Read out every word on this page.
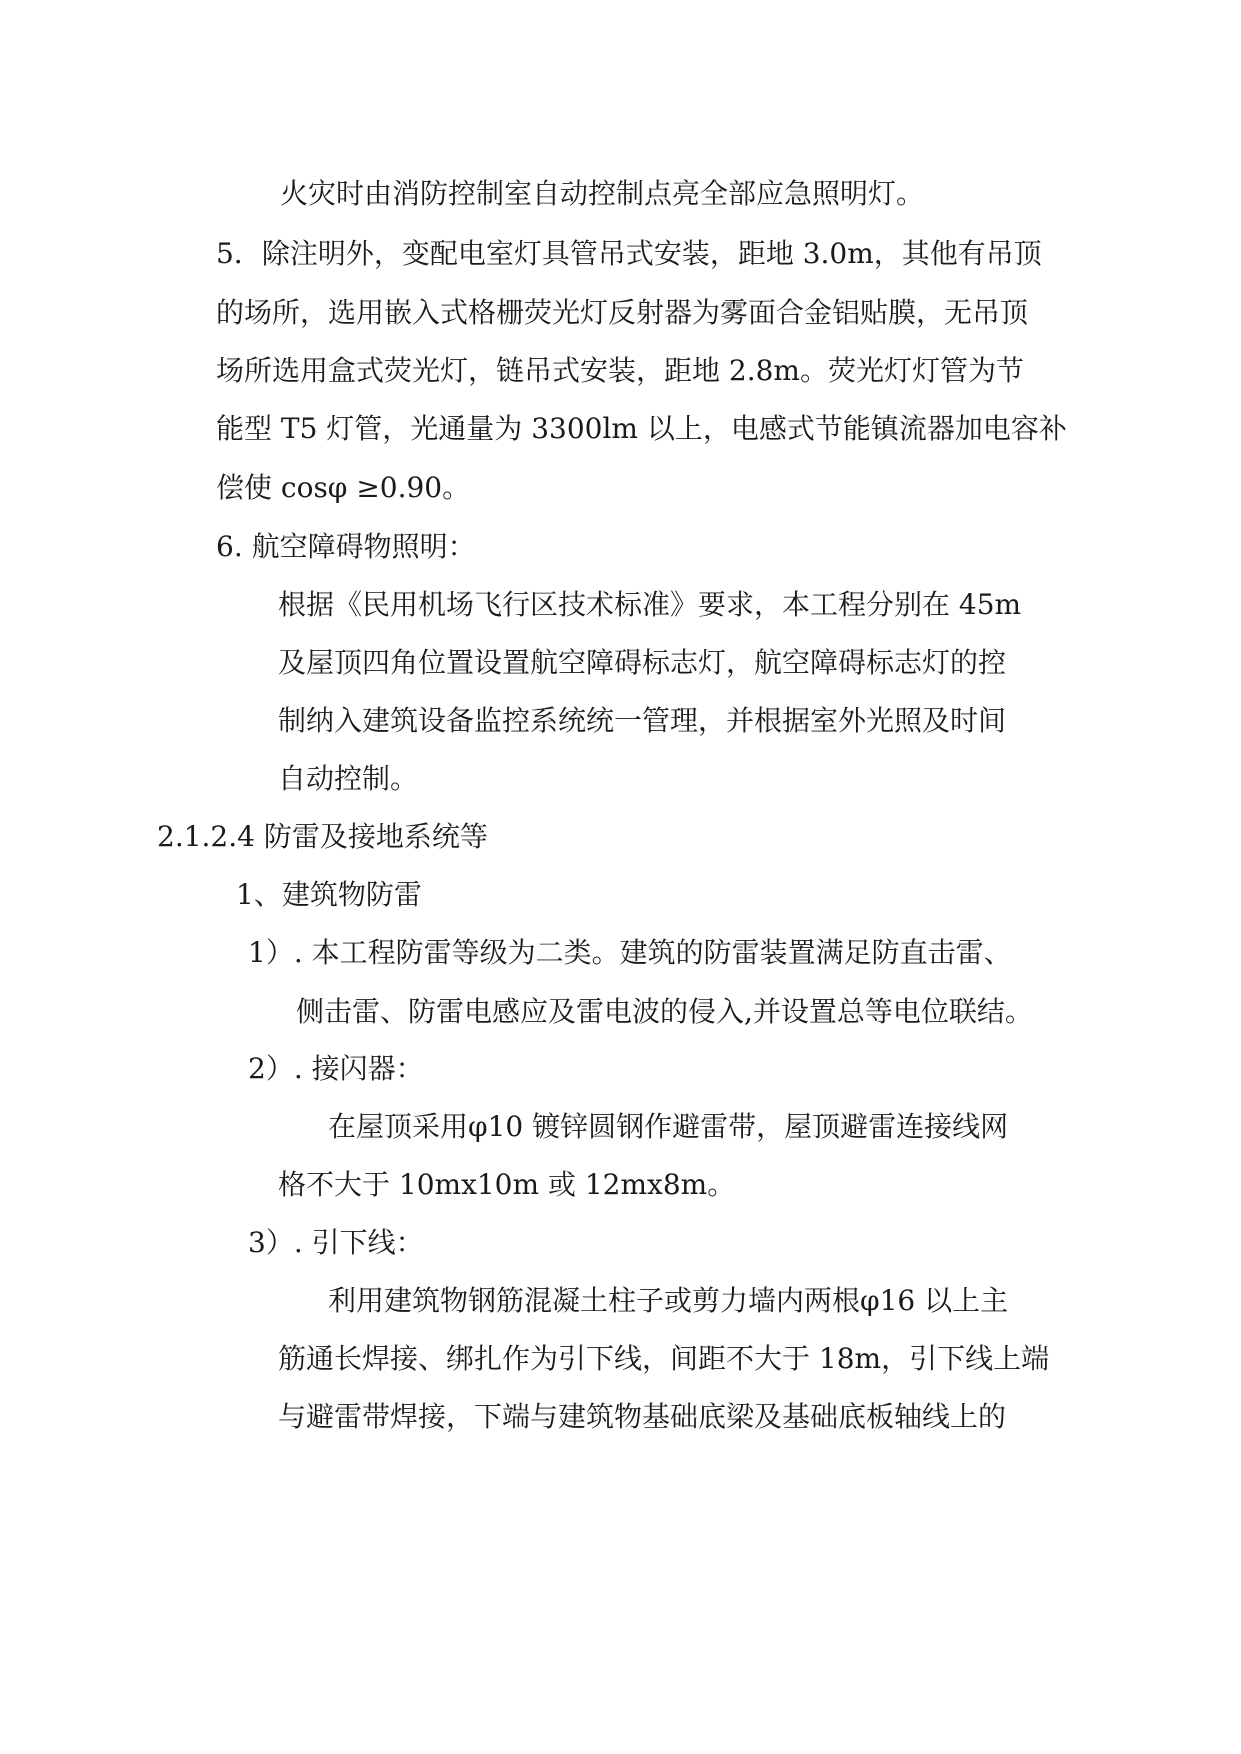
火灾时由消防控制室自动控制点亮全部应急照明灯。
5．除注明外，变配电室灯具管吊式安装，距地 3.0m，其他有吊顶
的场所，选用嵌入式格栅荧光灯反射器为雾面合金铝贴膜，无吊顶
场所选用盒式荧光灯，链吊式安装，距地 2.8m。荧光灯灯管为节
能型 T5 灯管，光通量为 3300lm 以上，电感式节能镇流器加电容补
偿使 cosφ ≥0.90。
6. 航空障碍物照明：
根据《民用机场飞行区技术标准》要求，本工程分别在 45m
及屋顶四角位置设置航空障碍标志灯，航空障碍标志灯的控
制纳入建筑设备监控系统统一管理，并根据室外光照及时间
自动控制。
2.1.2.4 防雷及接地系统等
1、建筑物防雷
1）. 本工程防雷等级为二类。建筑的防雷装置满足防直击雷、
侧击雷、防雷电感应及雷电波的侵入,并设置总等电位联结。
2）. 接闪器：
在屋顶采用φ10 镀锌圆钢作避雷带，屋顶避雷连接线网
格不大于 10mx10m 或 12mx8m。
3）. 引下线：
利用建筑物钢筋混凝土柱子或剪力墙内两根φ16 以上主
筋通长焊接、绑扎作为引下线，间距不大于 18m，引下线上端
与避雷带焊接，下端与建筑物基础底梁及基础底板轴线上的
